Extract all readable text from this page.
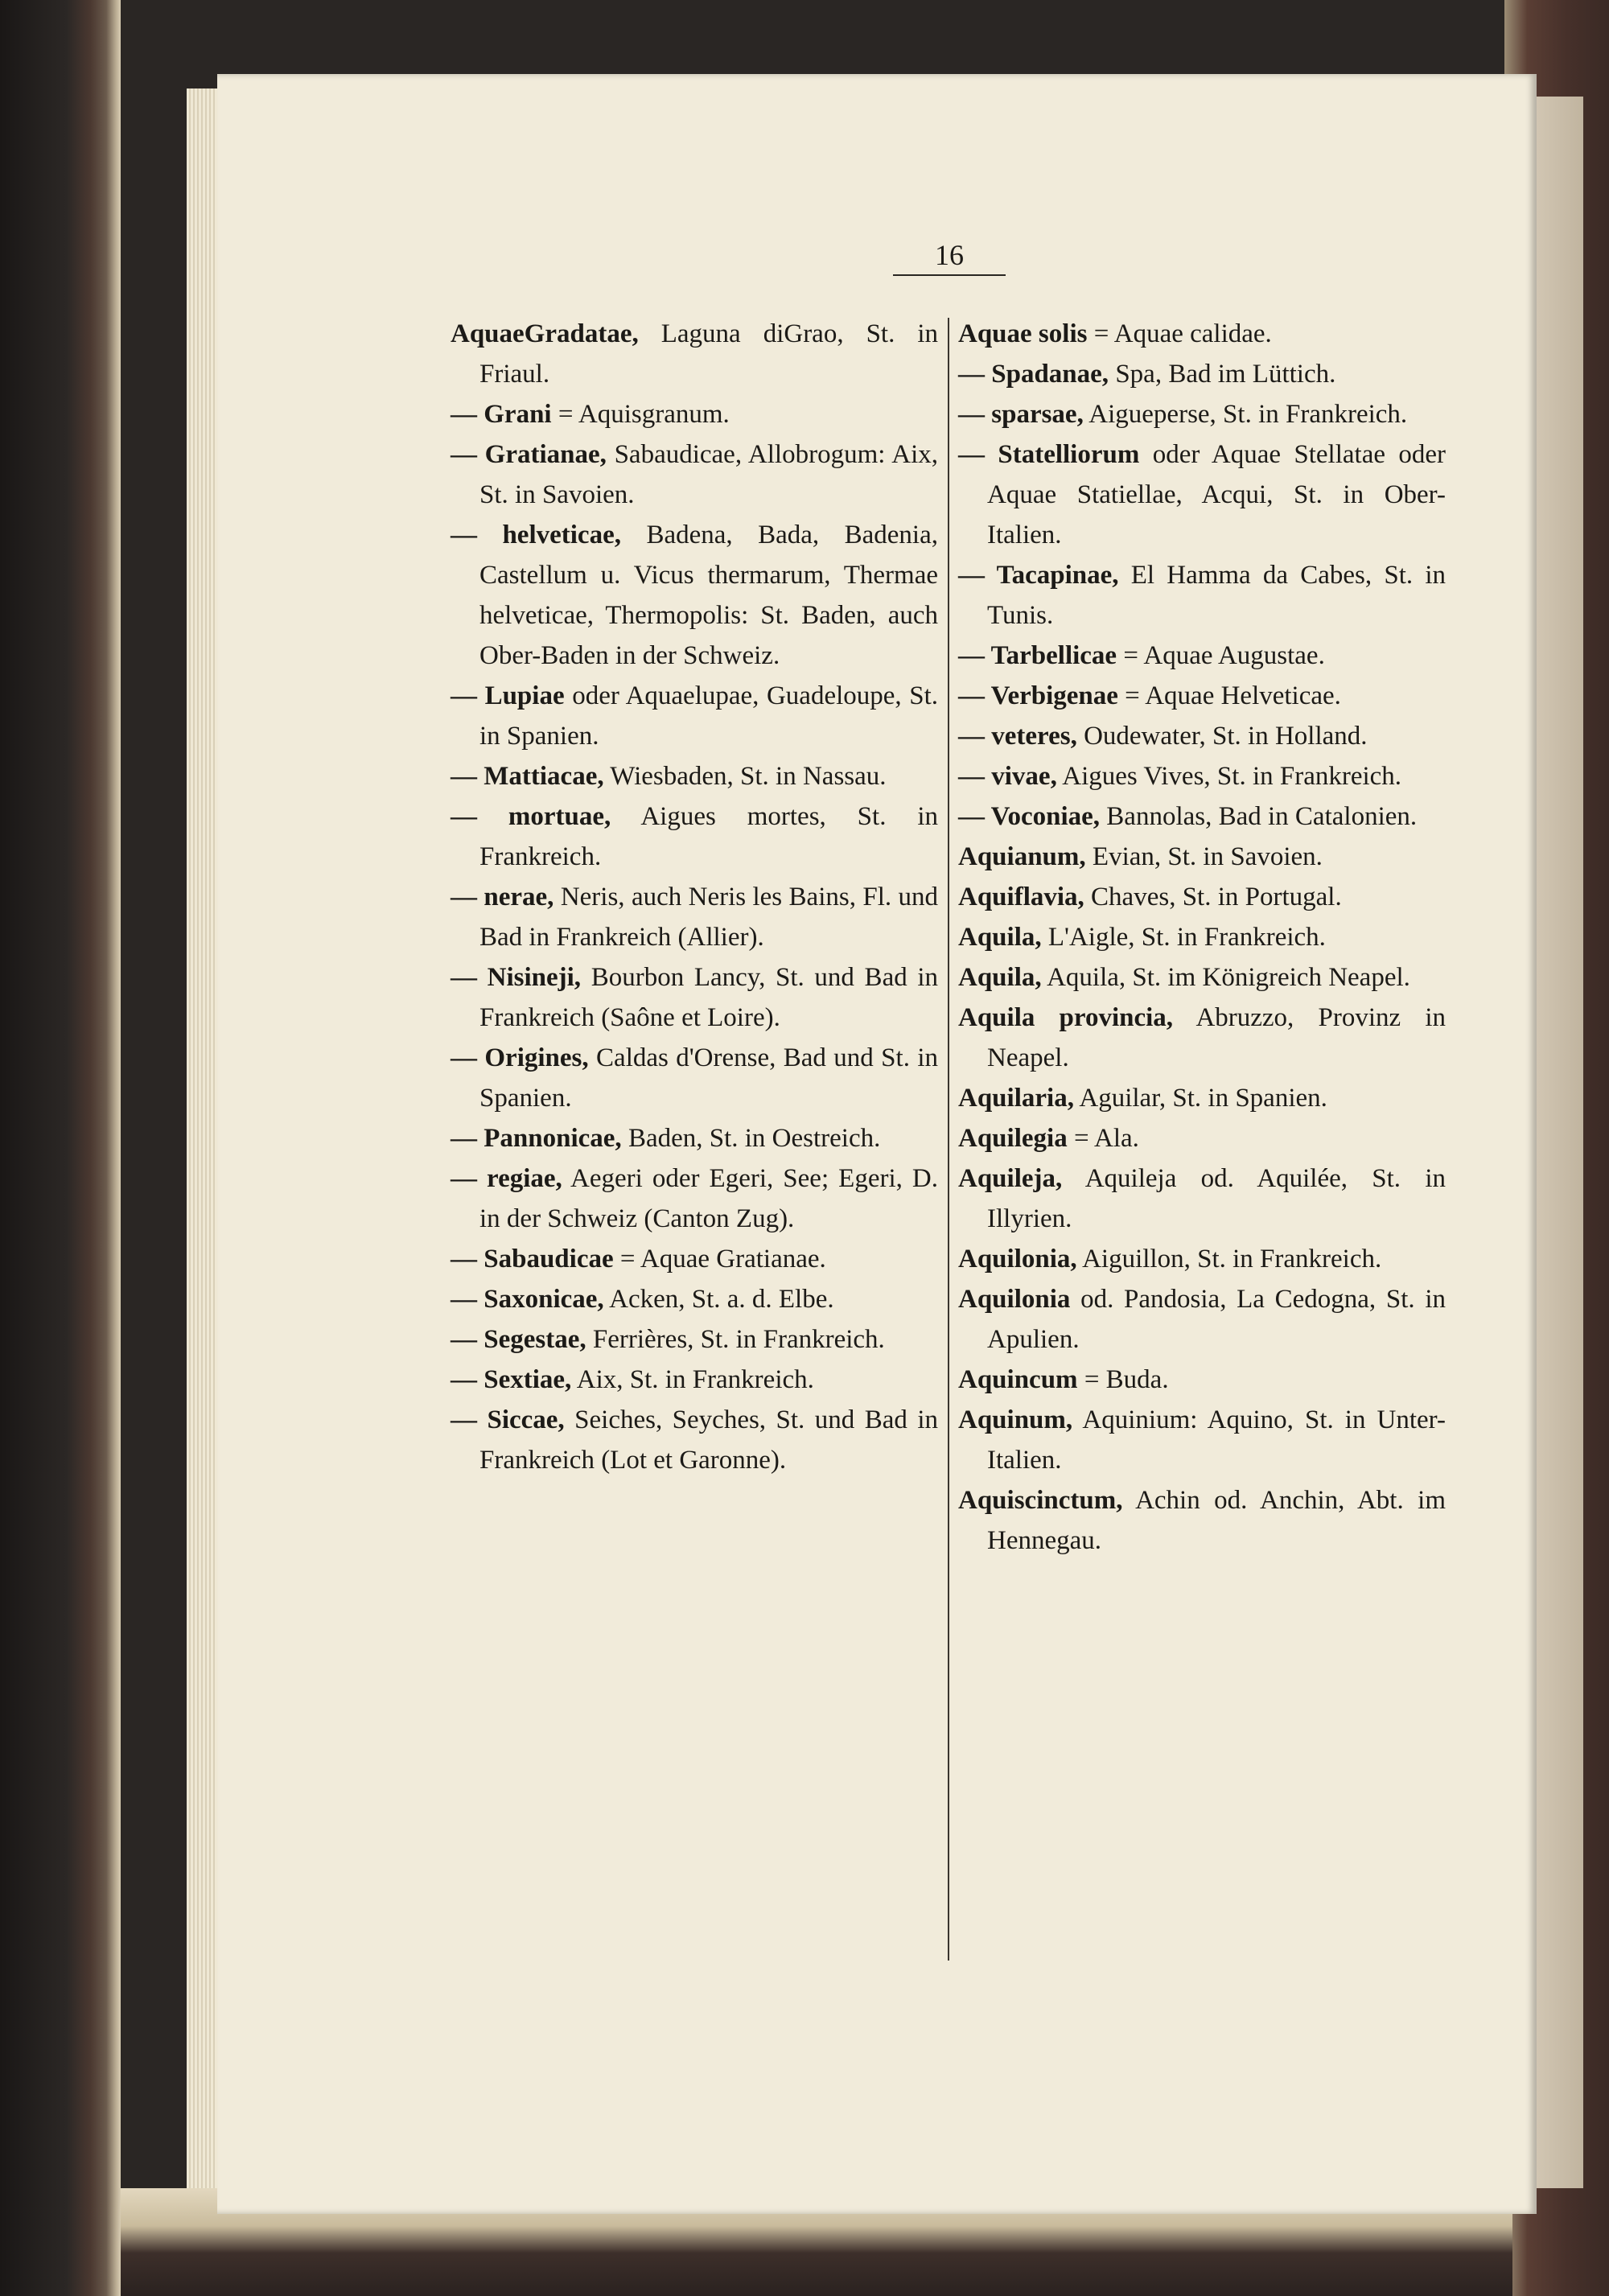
16
AquaeGradatae, Laguna diGrao, St. in Friaul.
— Grani = Aquisgranum.
— Gratianae, Sabaudicae, Allobrogum: Aix, St. in Savoien.
— helveticae, Badena, Bada, Badenia, Castellum u. Vicus thermarum, Thermae helveticae, Thermopolis: St. Baden, auch Ober-Baden in der Schweiz.
— Lupiae oder Aquaelupae, Guadeloupe, St. in Spanien.
— Mattiacae, Wiesbaden, St. in Nassau.
— mortuae, Aigues mortes, St. in Frankreich.
— nerae, Neris, auch Neris les Bains, Fl. und Bad in Frankreich (Allier).
— Nisineji, Bourbon Lancy, St. und Bad in Frankreich (Saône et Loire).
— Origines, Caldas d'Orense, Bad und St. in Spanien.
— Pannonicae, Baden, St. in Oestreich.
— regiae, Aegeri oder Egeri, See; Egeri, D. in der Schweiz (Canton Zug).
— Sabaudicae = Aquae Gratianae.
— Saxonicae, Acken, St. a. d. Elbe.
— Segestae, Ferrières, St. in Frankreich.
— Sextiae, Aix, St. in Frankreich.
— Siccae, Seiches, Seyches, St. und Bad in Frankreich (Lot et Garonne).
Aquae solis = Aquae calidae.
— Spadanae, Spa, Bad im Lüttich.
— sparsae, Aigueperse, St. in Frankreich.
— Statelliorum oder Aquae Stellatae oder Aquae Statiellae, Acqui, St. in Ober-Italien.
— Tacapinae, El Hamma da Cabes, St. in Tunis.
— Tarbellicae = Aquae Augustae.
— Verbigenae = Aquae Helveticae.
— veteres, Oudewater, St. in Holland.
— vivae, Aigues Vives, St. in Frankreich.
— Voconiae, Bannolas, Bad in Catalonien.
Aquianum, Evian, St. in Savoien.
Aquiflavia, Chaves, St. in Portugal.
Aquila, L'Aigle, St. in Frankreich.
Aquila, Aquila, St. im Königreich Neapel.
Aquila provincia, Abruzzo, Provinz in Neapel.
Aquilaria, Aguilar, St. in Spanien.
Aquilegia = Ala.
Aquileja, Aquileja od. Aquilée, St. in Illyrien.
Aquilonia, Aiguillon, St. in Frankreich.
Aquilonia od. Pandosia, La Cedogna, St. in Apulien.
Aquincum = Buda.
Aquinum, Aquinium: Aquino, St. in Unter-Italien.
Aquiscinctum, Achin od. Anchin, Abt. im Hennegau.
